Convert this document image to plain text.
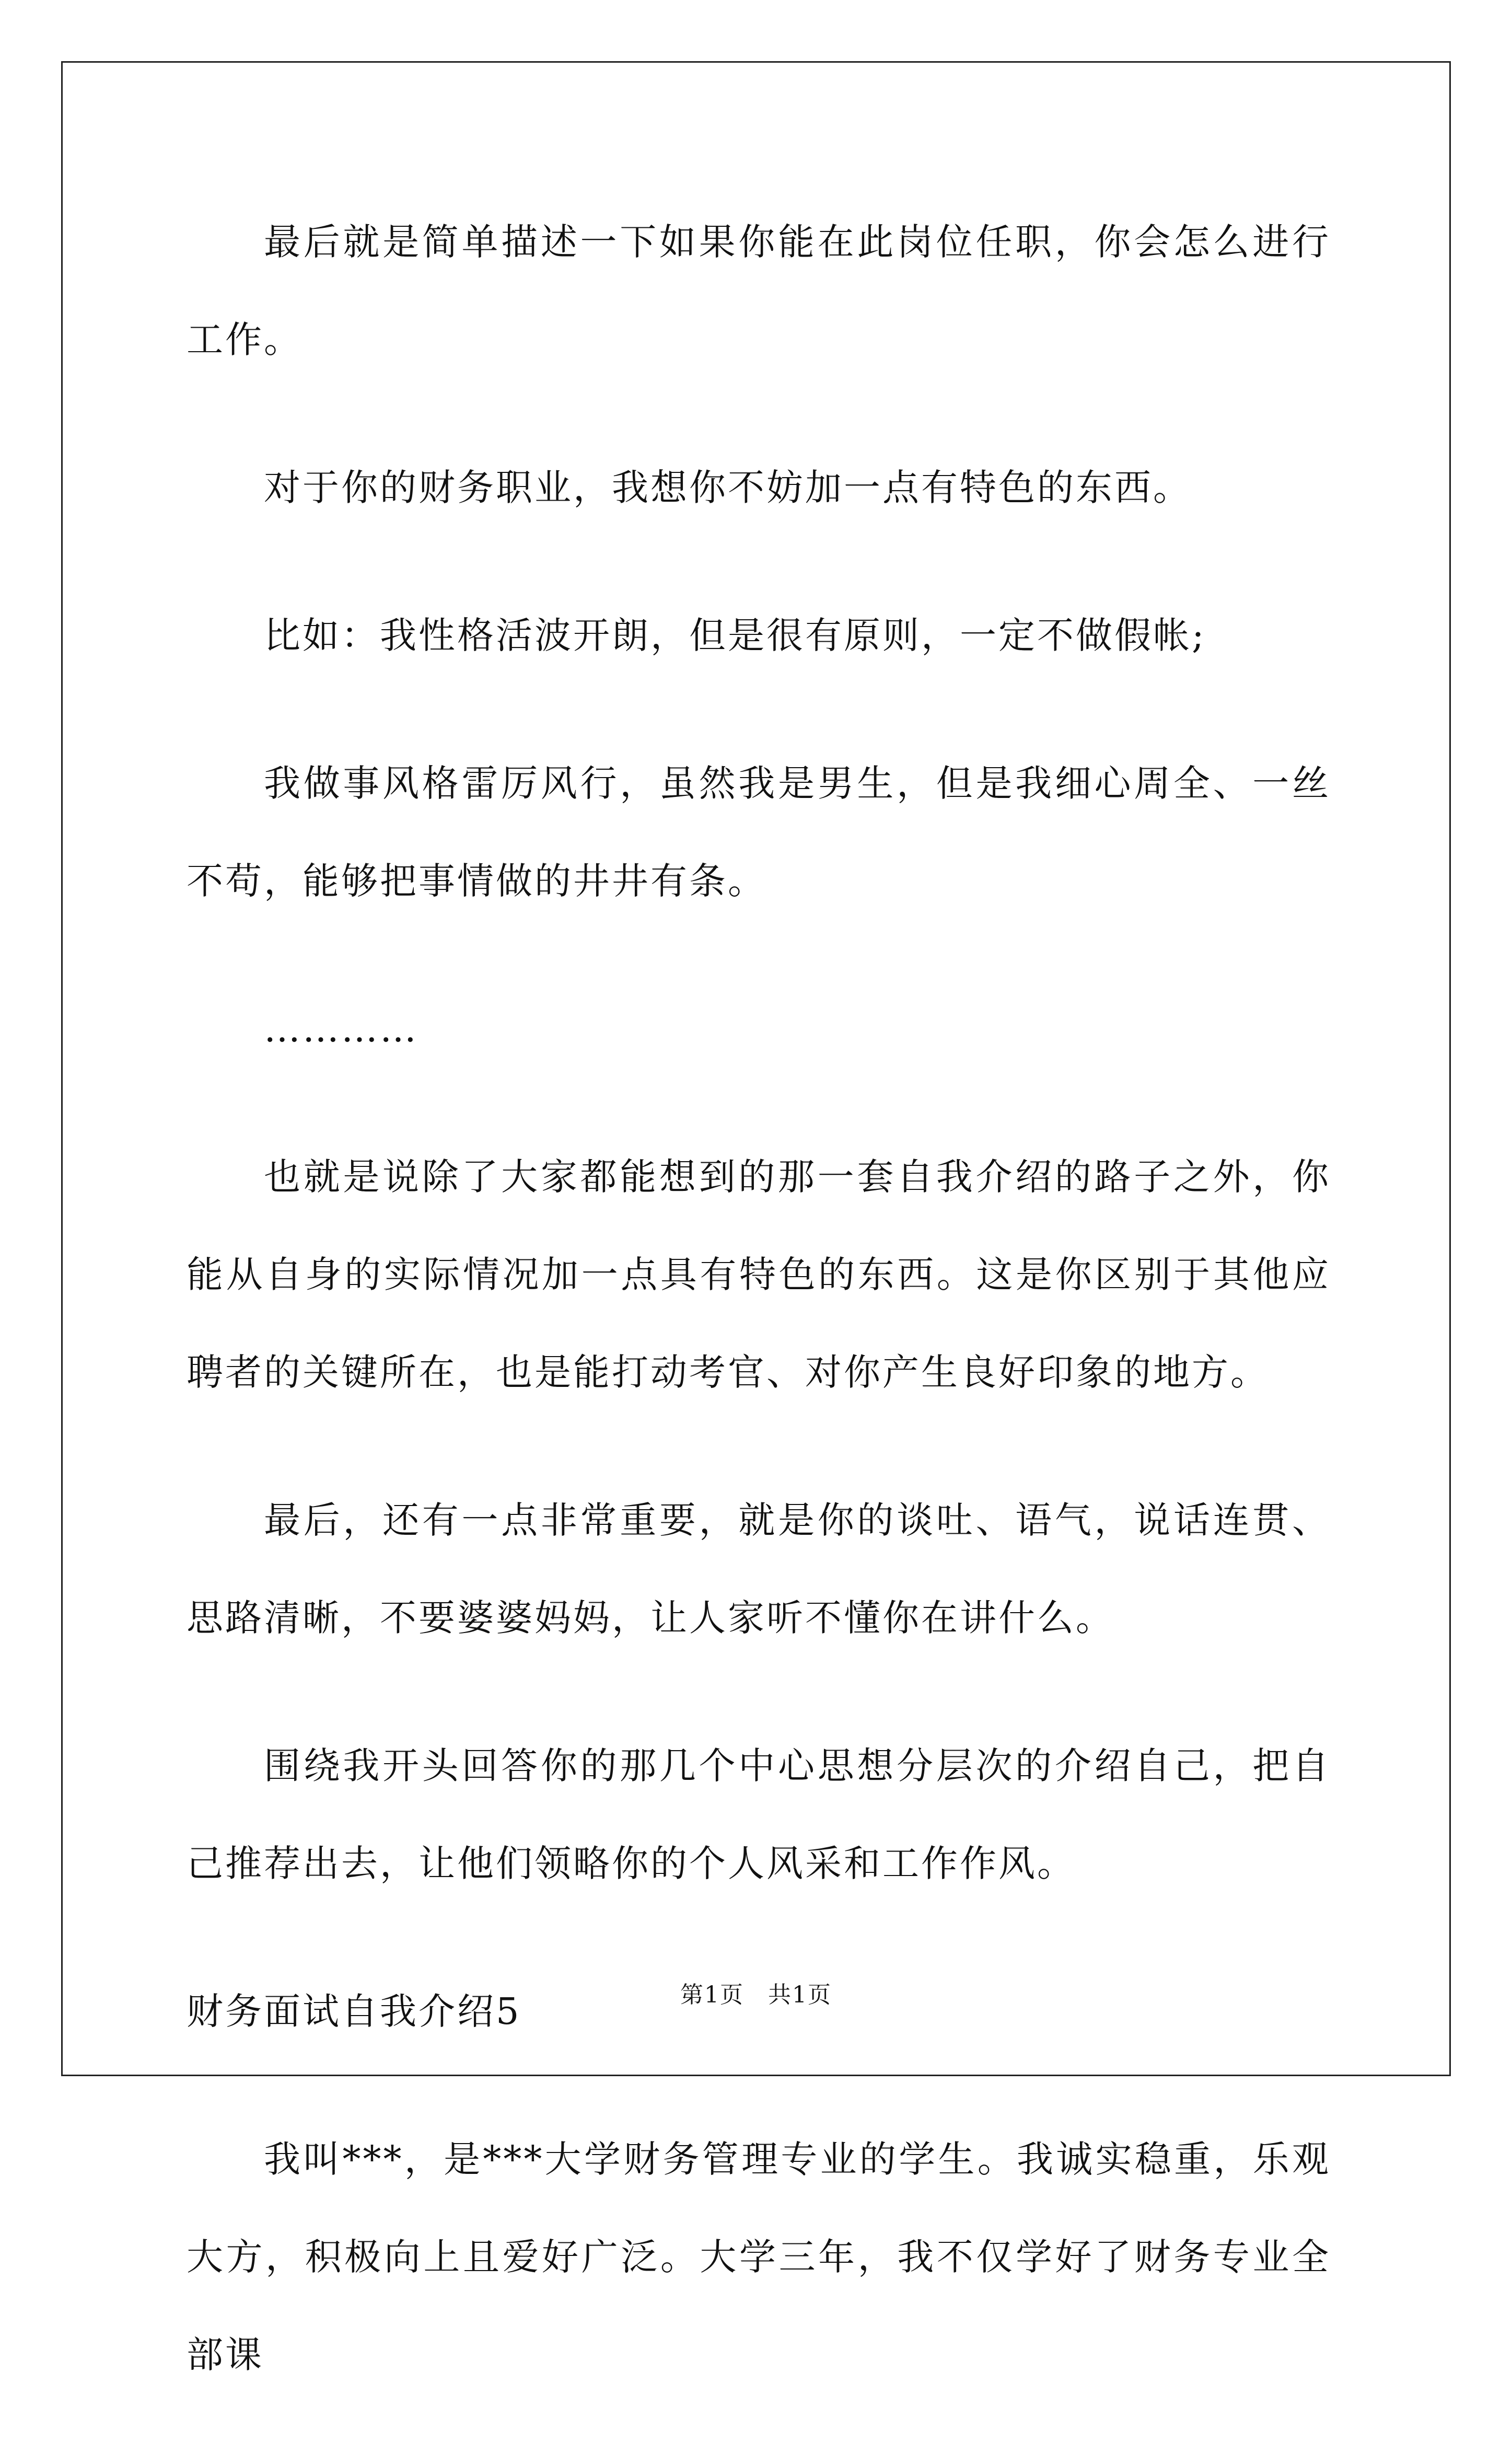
最后就是简单描述一下如果你能在此岗位任职，你会怎么进行工作。

对于你的财务职业，我想你不妨加一点有特色的东西。

比如：我性格活波开朗，但是很有原则，一定不做假帐;

我做事风格雷厉风行，虽然我是男生，但是我细心周全、一丝不苟，能够把事情做的井井有条。

…………

也就是说除了大家都能想到的那一套自我介绍的路子之外，你能从自身的实际情况加一点具有特色的东西。这是你区别于其他应聘者的关键所在，也是能打动考官、对你产生良好印象的地方。

最后，还有一点非常重要，就是你的谈吐、语气，说话连贯、思路清晰，不要婆婆妈妈，让人家听不懂你在讲什么。

围绕我开头回答你的那几个中心思想分层次的介绍自己，把自己推荐出去，让他们领略你的个人风采和工作作风。

财务面试自我介绍5

我叫***，是***大学财务管理专业的学生。我诚实稳重，乐观大方，积极向上且爱好广泛。大学三年，我不仅学好了财务专业全部课

第1页　共1页
